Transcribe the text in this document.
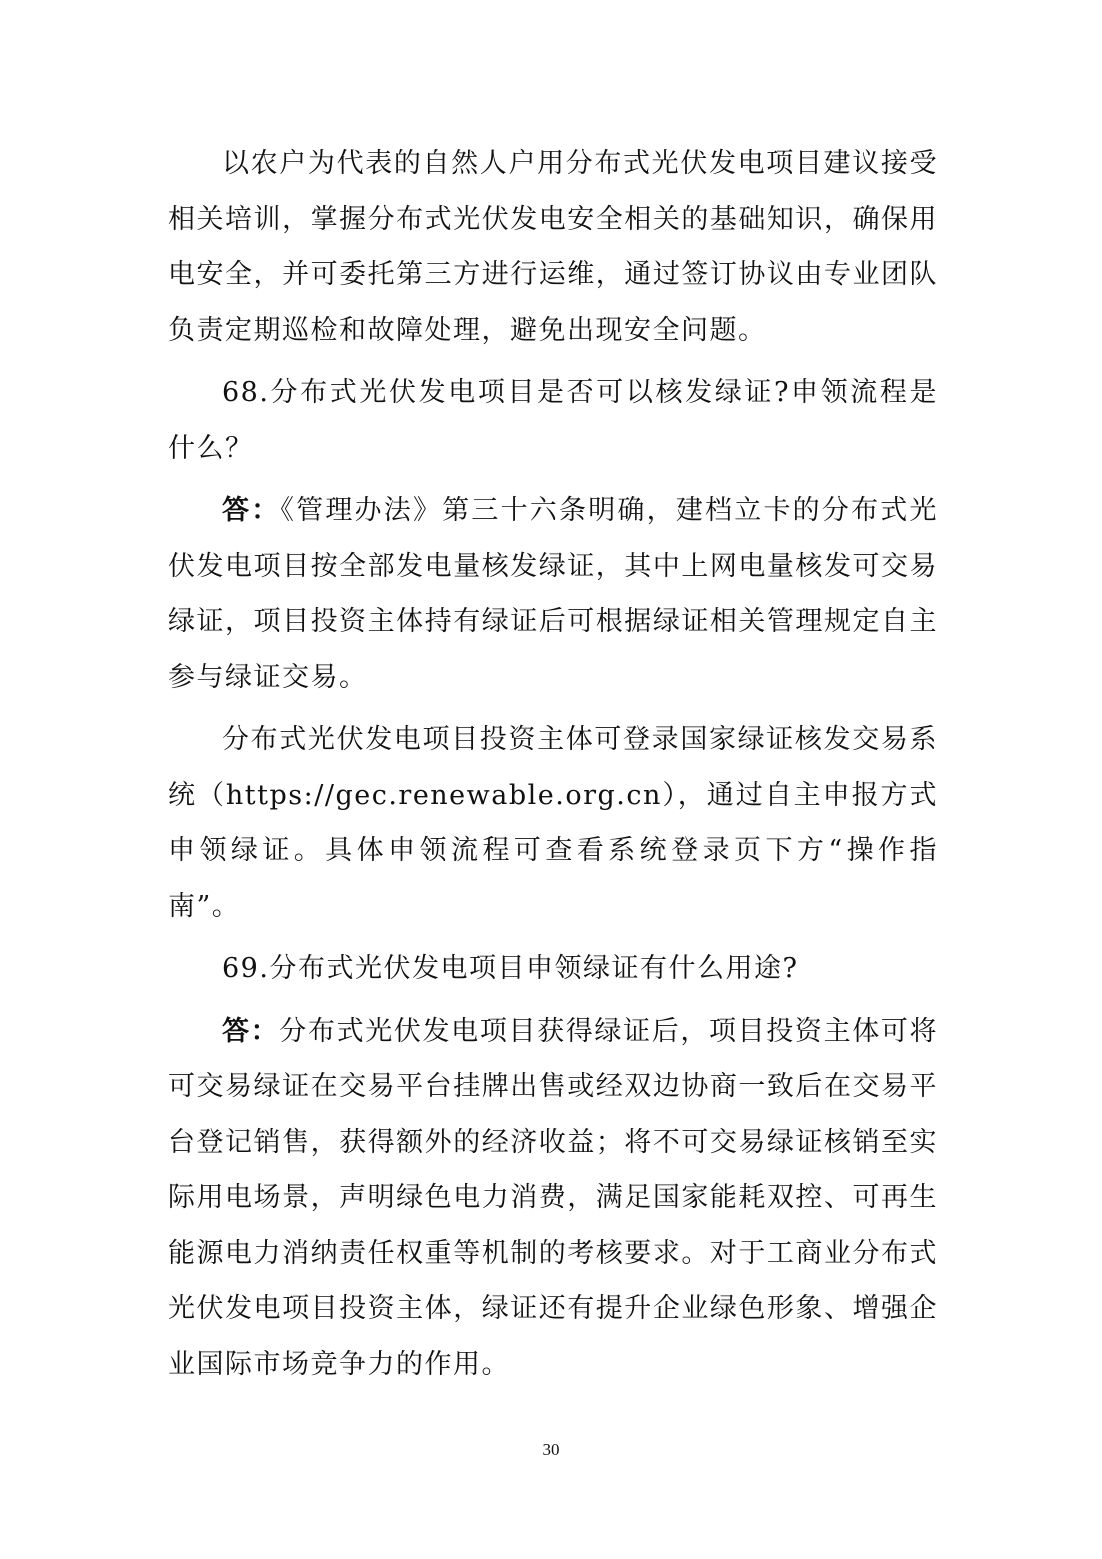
以农户为代表的自然人户用分布式光伏发电项目建议接受相关培训，掌握分布式光伏发电安全相关的基础知识，确保用电安全，并可委托第三方进行运维，通过签订协议由专业团队负责定期巡检和故障处理，避免出现安全问题。

68.分布式光伏发电项目是否可以核发绿证?申领流程是什么？

答：《管理办法》第三十六条明确，建档立卡的分布式光伏发电项目按全部发电量核发绿证，其中上网电量核发可交易绿证，项目投资主体持有绿证后可根据绿证相关管理规定自主参与绿证交易。

分布式光伏发电项目投资主体可登录国家绿证核发交易系统（https://gec.renewable.org.cn），通过自主申报方式申领绿证。具体申领流程可查看系统登录页下方“操作指南”。

69.分布式光伏发电项目申领绿证有什么用途?

答：分布式光伏发电项目获得绿证后，项目投资主体可将可交易绿证在交易平台挂牌出售或经双边协商一致后在交易平台登记销售，获得额外的经济收益；将不可交易绿证核销至实际用电场景，声明绿色电力消费，满足国家能耗双控、可再生能源电力消纳责任权重等机制的考核要求。对于工商业分布式光伏发电项目投资主体，绿证还有提升企业绿色形象、增强企业国际市场竞争力的作用。

30
